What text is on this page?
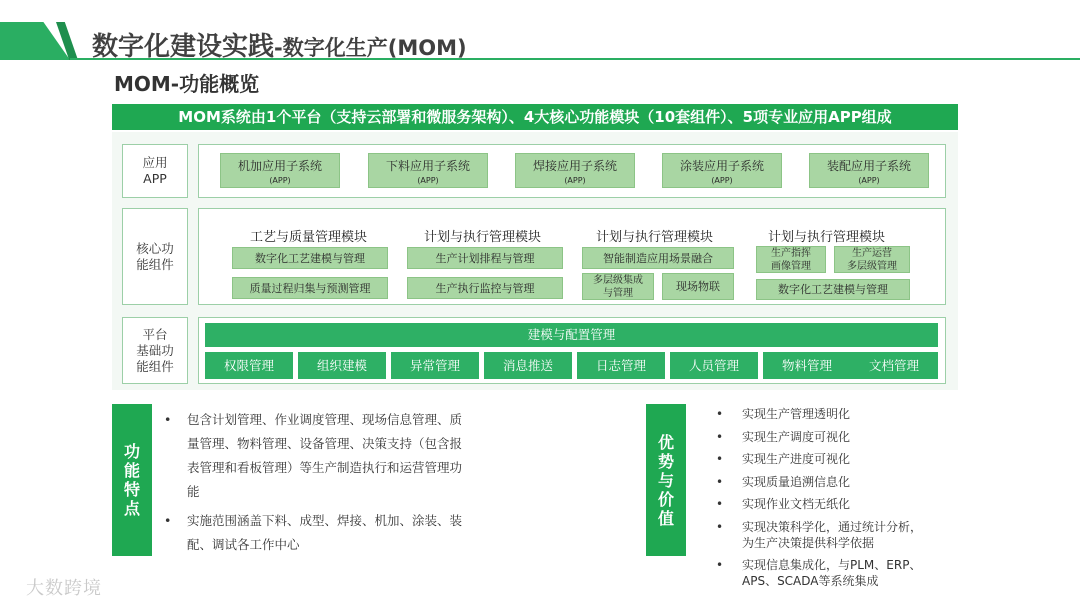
数字化建设实践-数字化生产(MOM)
MOM-功能概览
MOM系统由1个平台（支持云部署和微服务架构）、4大核心功能模块（10套组件）、5项专业应用APP组成
应用
APP
机加应用子系统
(APP)
下料应用子系统
(APP)
焊接应用子系统
(APP)
涂装应用子系统
(APP)
装配应用子系统
(APP)
核心功
能组件
工艺与质量管理模块
数字化工艺建模与管理
质量过程归集与预测管理
计划与执行管理模块
生产计划排程与管理
生产执行监控与管理
计划与执行管理模块
智能制造应用场景融合
多层级集成
与管理	现场物联
计划与执行管理模块
生产指挥
画像管理
生产运营
多层级管理
数字化工艺建模与管理
平台
基础功
能组件
建模与配置管理
权限管理	组织建模	异常管理	消息推送	日志管理	人员管理	物料管理	文档管理
功
能
特
点
• 包含计划管理、作业调度管理、现场信息管理、质量管理、物料管理、设备管理、决策支持（包含报表管理和看板管理）等生产制造执行和运营管理功能
• 实施范围涵盖下料、成型、焊接、机加、涂装、装配、调试各工作中心
优
势
与
价
值
• 实现生产管理透明化
• 实现生产调度可视化
• 实现生产进度可视化
• 实现质量追溯信息化
• 实现作业文档无纸化
• 实现决策科学化，通过统计分析，
为生产决策提供科学依据
• 实现信息集成化，与PLM、ERP、
APS、SCADA等系统集成
大数跨境
